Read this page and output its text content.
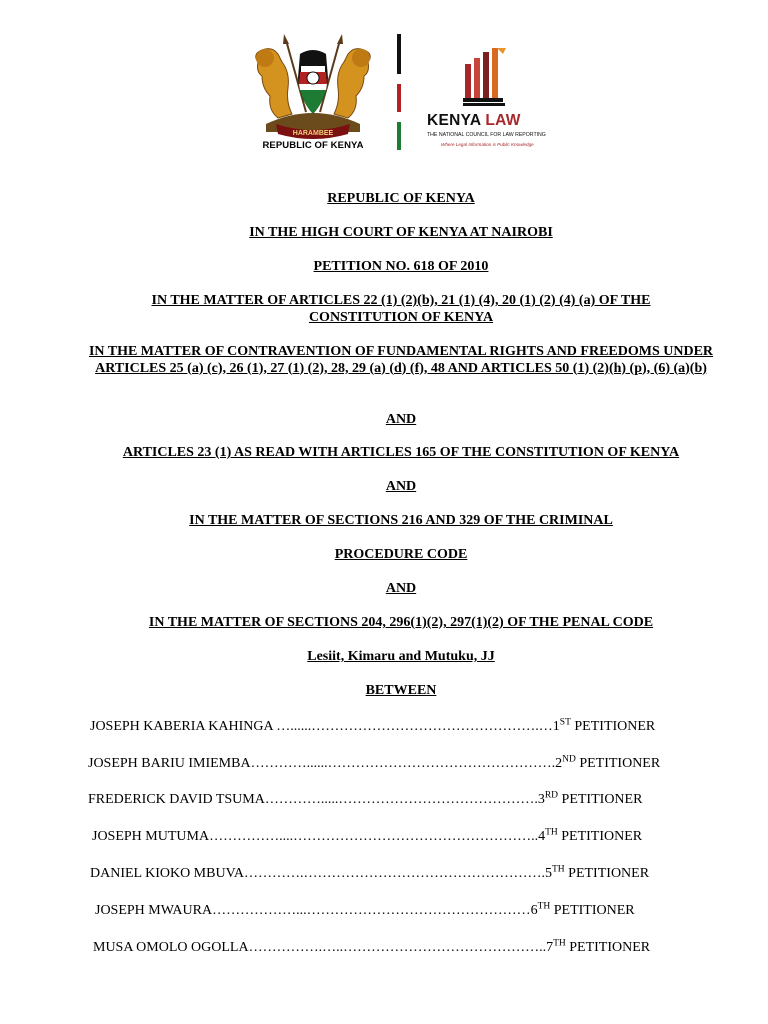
HARAMBEE
REPUBLIC OF KENYA
KENYA LAW
THE NATIONAL COUNCIL FOR LAW REPORTING
Where Legal Information is Public Knowledge
REPUBLIC OF KENYA
IN THE HIGH COURT OF KENYA AT NAIROBI
PETITION NO. 618 OF 2010
IN THE MATTER OF ARTICLES 22 (1) (2)(b), 21 (1) (4), 20 (1) (2) (4) (a) OF THE CONSTITUTION OF KENYA
IN THE MATTER OF CONTRAVENTION OF FUNDAMENTAL RIGHTS AND FREEDOMS UNDER ARTICLES 25 (a) (c), 26 (1), 27 (1) (2), 28, 29 (a) (d) (f), 48 AND ARTICLES 50 (1) (2)(h) (p), (6) (a)(b)
AND
ARTICLES 23 (1) AS READ WITH ARTICLES 165 OF THE CONSTITUTION OF KENYA
AND
IN THE MATTER OF SECTIONS 216 AND 329 OF THE CRIMINAL
PROCEDURE CODE
AND
IN THE MATTER OF SECTIONS 204, 296(1)(2), 297(1)(2) OF THE PENAL CODE
Lesiit, Kimaru and Mutuku, JJ
BETWEEN
JOSEPH KABERIA KAHINGA …......………………………………………….…1ST PETITIONER
JOSEPH BARIU IMIEMBA…………......………………………………………….2ND PETITIONER
FREDERICK DAVID TSUMA………….....…………………………………….3RD PETITIONER
JOSEPH MUTUMA……………....……………………………………………..4TH PETITIONER
DANIEL KIOKO MBUVA………….…………………………………………….5TH PETITIONER
JOSEPH MWAURA………………...…………………………………………6TH PETITIONER
MUSA OMOLO OGOLLA…………….…..……………………………………..7TH PETITIONER
